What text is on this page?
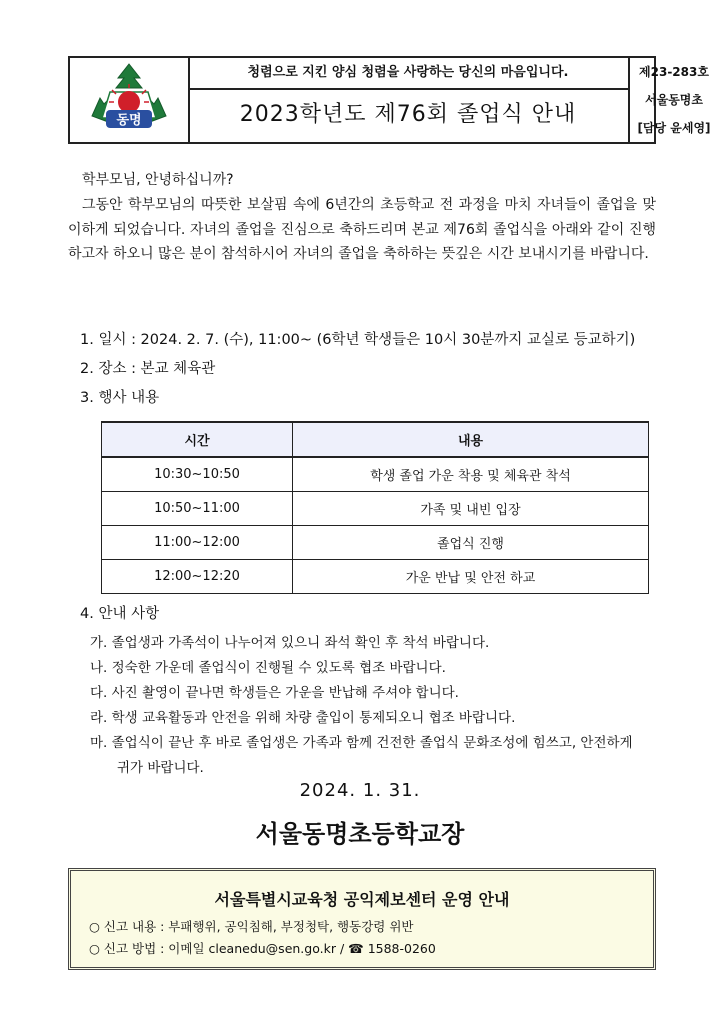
동명
청렴으로 지킨 양심 청렴을 사랑하는 당신의 마음입니다.
2023학년도 제76회 졸업식 안내
제23-283호
서울동명초
[담당 윤세영]
학부모님, 안녕하십니까?
그동안 학부모님의 따뜻한 보살핌 속에 6년간의 초등학교 전 과정을 마치 자녀들이 졸업을 맞이하게 되었습니다. 자녀의 졸업을 진심으로 축하드리며 본교 제76회 졸업식을 아래와 같이 진행하고자 하오니 많은 분이 참석하시어 자녀의 졸업을 축하하는 뜻깊은 시간 보내시기를 바랍니다.
1. 일시 : 2024. 2. 7. (수), 11:00~ (6학년 학생들은 10시 30분까지 교실로 등교하기)
2. 장소 : 본교 체육관
3. 행사 내용
시간	내용
10:30~10:50	학생 졸업 가운 착용 및 체육관 착석
10:50~11:00	가족 및 내빈 입장
11:00~12:00	졸업식 진행
12:00~12:20	가운 반납 및 안전 하교
4. 안내 사항
가. 졸업생과 가족석이 나누어져 있으니 좌석 확인 후 착석 바랍니다.
나. 정숙한 가운데 졸업식이 진행될 수 있도록 협조 바랍니다.
다. 사진 촬영이 끝나면 학생들은 가운을 반납해 주셔야 합니다.
라. 학생 교육활동과 안전을 위해 차량 출입이 통제되오니 협조 바랍니다.
마. 졸업식이 끝난 후 바로 졸업생은 가족과 함께 건전한 졸업식 문화조성에 힘쓰고, 안전하게
귀가 바랍니다.
2024. 1. 31.
서울동명초등학교장
서울특별시교육청 공익제보센터 운영 안내
○ 신고 내용 : 부패행위, 공익침해, 부정청탁, 행동강령 위반
○ 신고 방법 : 이메일 cleanedu@sen.go.kr / ☎ 1588-0260
